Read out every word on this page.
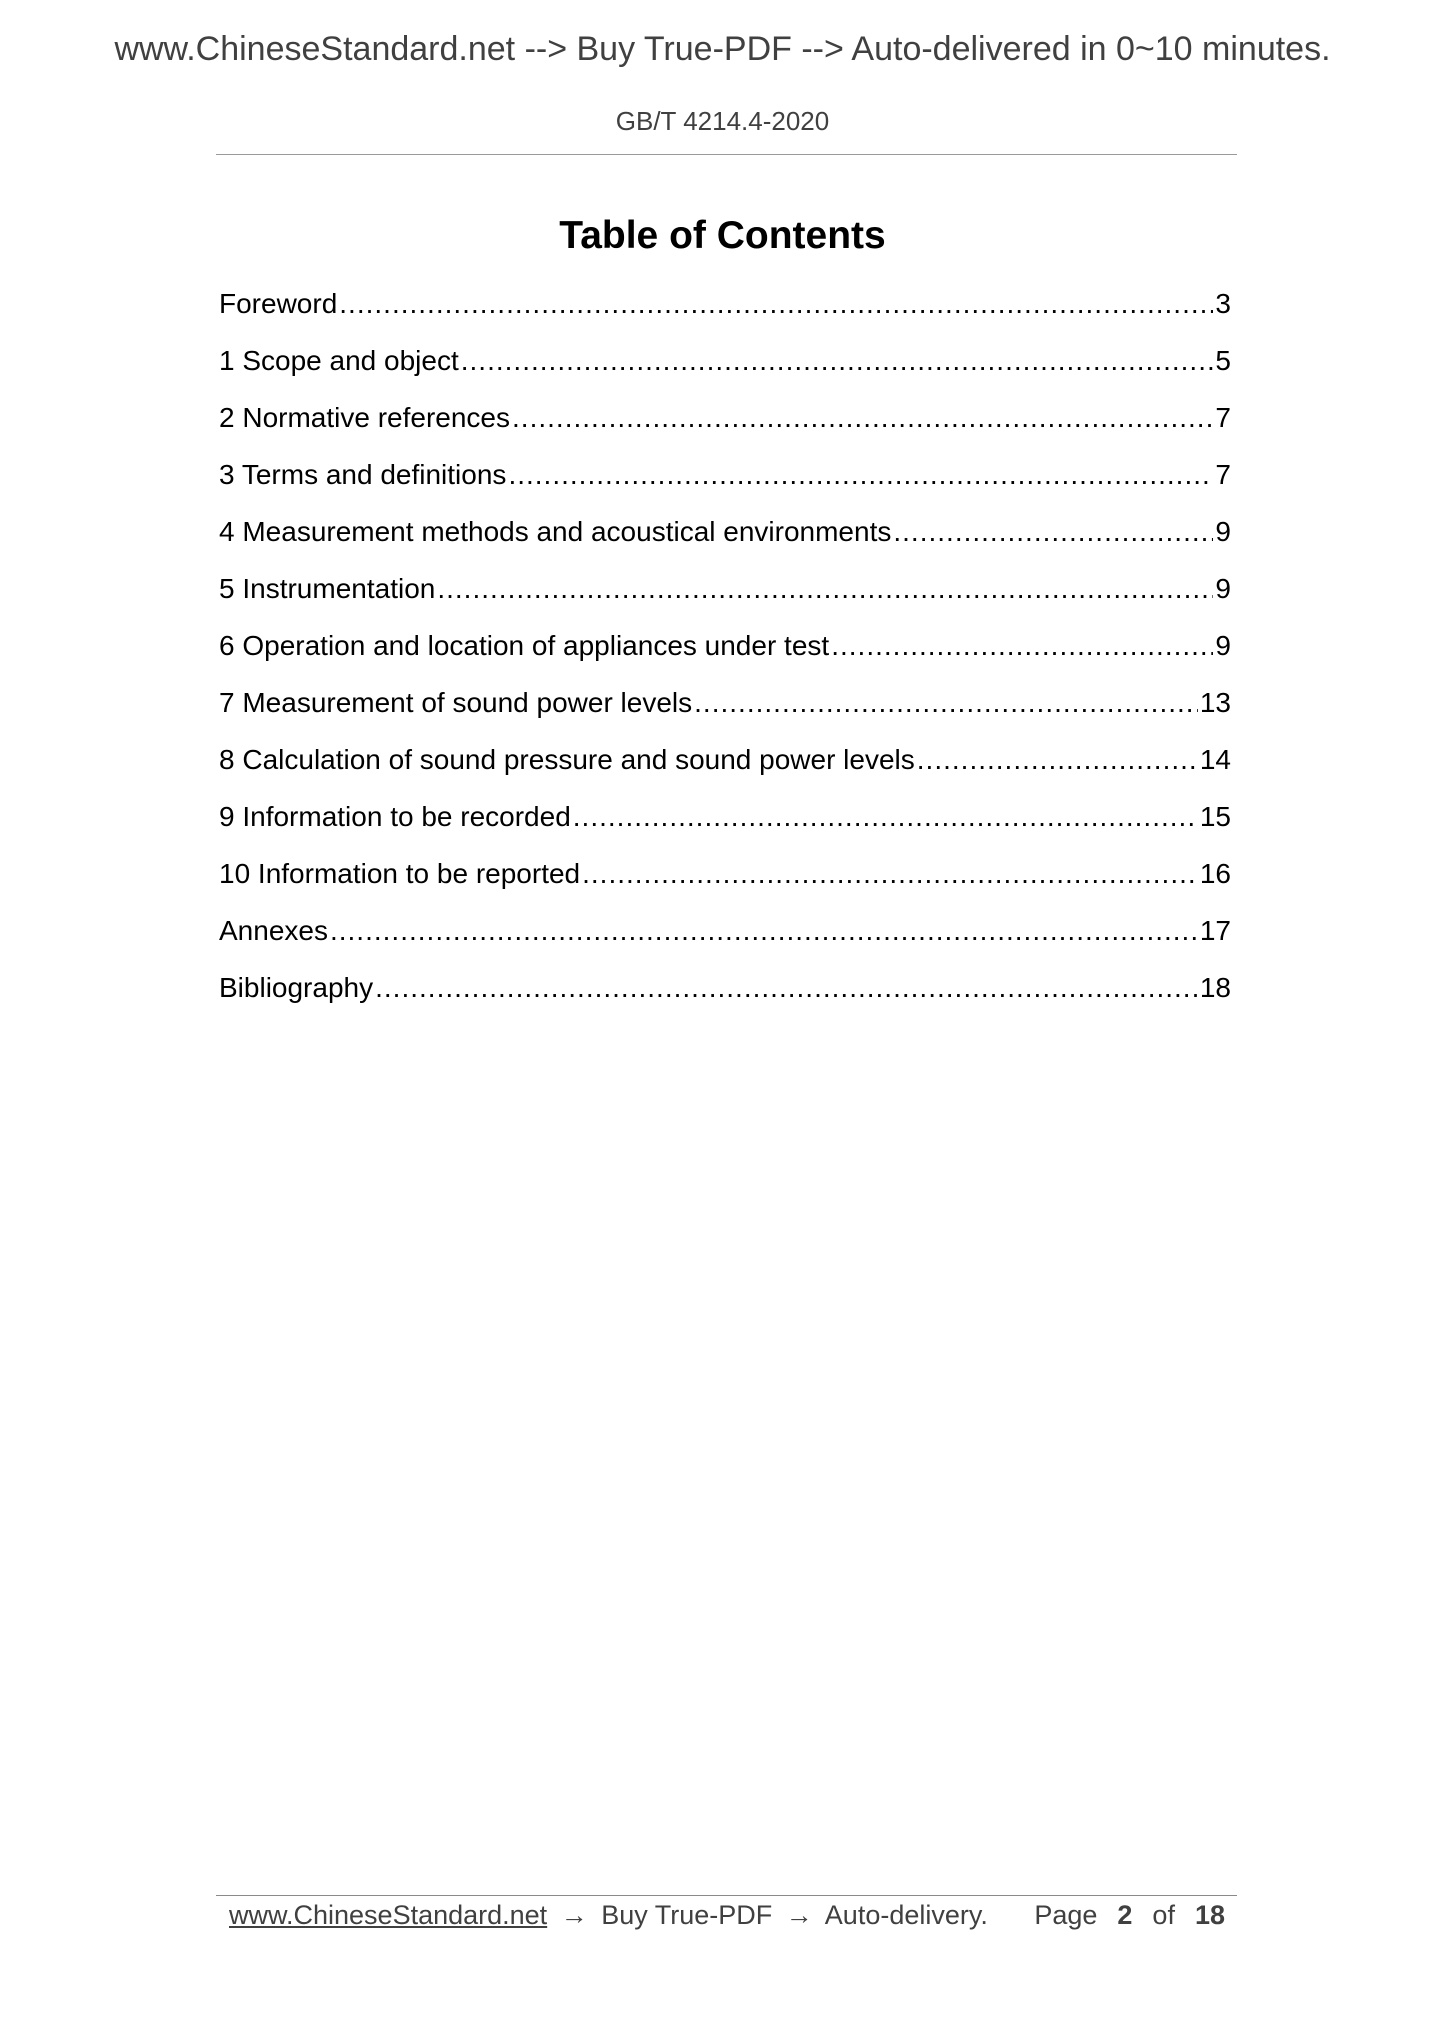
www.ChineseStandard.net --> Buy True-PDF --> Auto-delivered in 0~10 minutes.
GB/T 4214.4-2020
Table of Contents
Foreword .....	3
1 Scope and object .....	5
2 Normative references .....	7
3 Terms and definitions .....	7
4 Measurement methods and acoustical environments .....	9
5 Instrumentation .....	9
6 Operation and location of appliances under test .....	9
7 Measurement of sound power levels .....	13
8 Calculation of sound pressure and sound power levels .....	14
9 Information to be recorded .....	15
10 Information to be reported .....	16
Annexes .....	17
Bibliography .....	18
www.ChineseStandard.net → Buy True-PDF → Auto-delivery. Page 2 of 18
